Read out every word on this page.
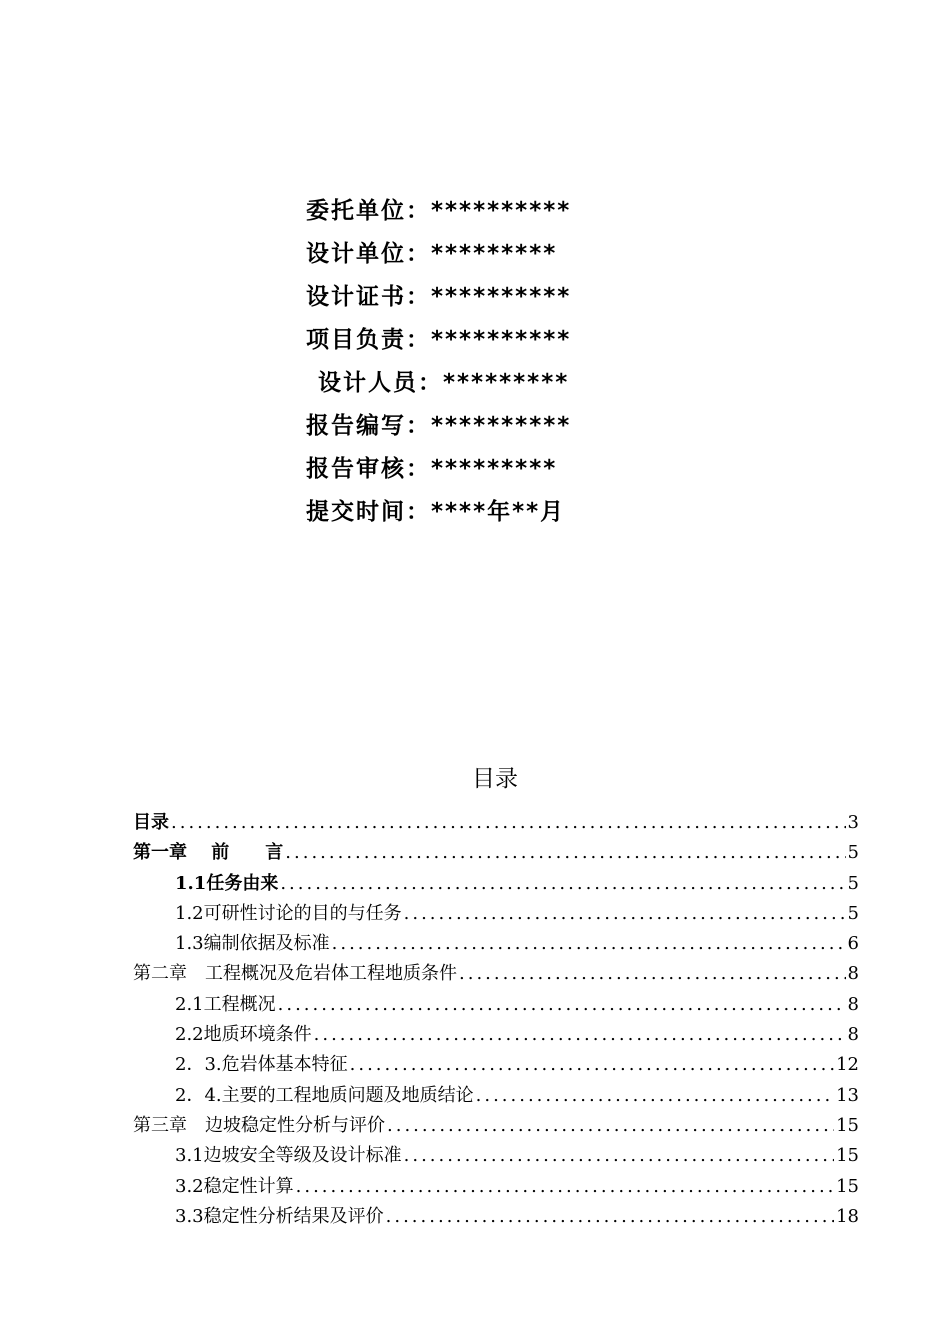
委托单位：**********
设计单位：*********
设计证书：**********
项目负责：**********
设计人员：*********
报告编写：**********
报告审核：*********
提交时间：****年**月
目录
目录 .....	3
第一章　 前　　言 .....	5
1.1任务由来 .....	5
1.2可研性讨论的目的与任务 .....	5
1.3编制依据及标准 .....	6
第二章　工程概况及危岩体工程地质条件 .....	8
2.1工程概况 .....	8
2.2地质环境条件 .....	8
2．3.危岩体基本特征 .....	12
2．4.主要的工程地质问题及地质结论 .....	13
第三章　边坡稳定性分析与评价 .....	15
3.1边坡安全等级及设计标准 .....	15
3.2稳定性计算 .....	15
3.3稳定性分析结果及评价 .....	18
